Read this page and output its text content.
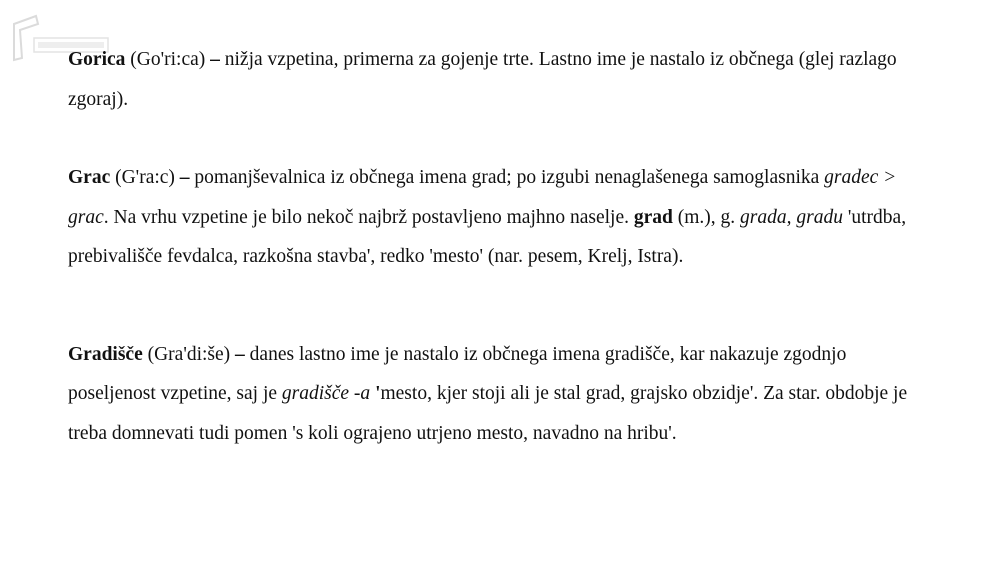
Gorica (Go'ri:ca) – nižja vzpetina, primerna za gojenje trte. Lastno ime je nastalo iz občnega (glej razlago zgoraj).

Grac (G'ra:c) – pomanjševalnica iz občnega imena grad; po izgubi nenaglašenega samoglasnika gradec > grac. Na vrhu vzpetine je bilo nekoč najbrž postavljeno majhno naselje. grad (m.), g. grada, gradu 'utrdba, prebivališče fevdalca, razkošna stavba', redko 'mesto' (nar. pesem, Krelj, Istra).

Gradišče (Gra'di:še) – danes lastno ime je nastalo iz občnega imena gradišče, kar nakazuje zgodnjo poseljenost vzpetine, saj je gradišče -a 'mesto, kjer stoji ali je stal grad, grajsko obzidje'. Za star. obdobje je treba domnevati tudi pomen 's koli ograjeno utrjeno mesto, navadno na hribu'.
